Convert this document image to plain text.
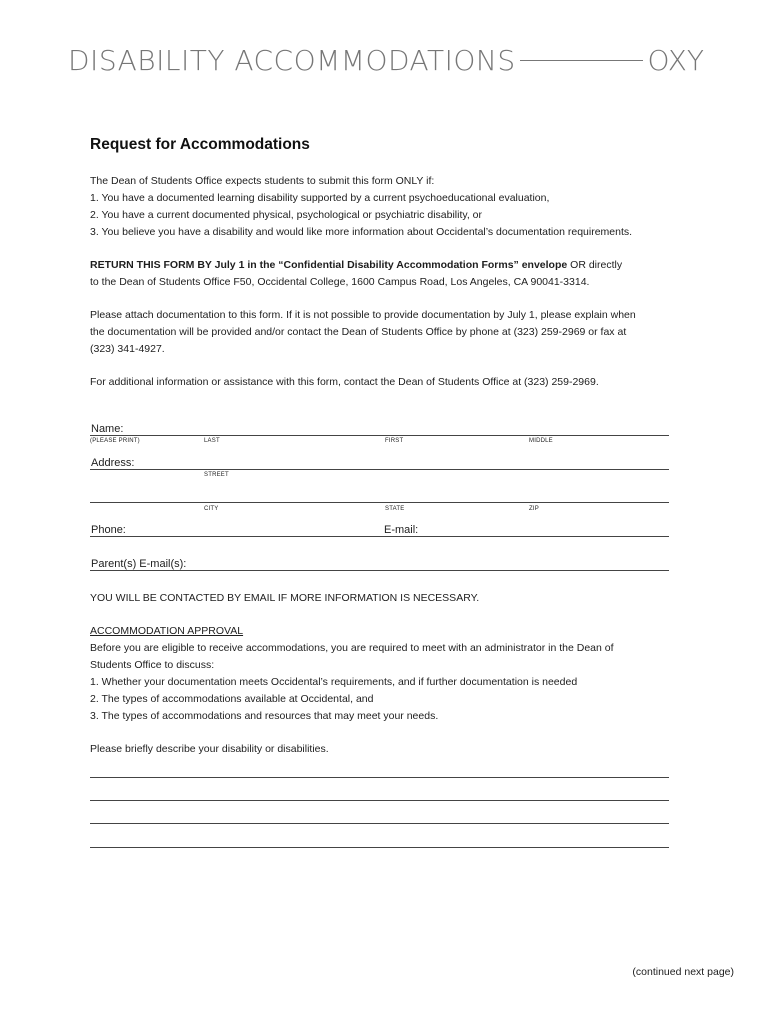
DISABILITY ACCOMMODATIONS	OXY
Request for Accommodations

The Dean of Students Office expects students to submit this form ONLY if:

1. You have a documented learning disability supported by a current psychoeducational evaluation,

2. You have a current documented physical, psychological or psychiatric disability, or

3. You believe you have a disability and would like more information about Occidental’s documentation requirements.

RETURN THIS FORM BY July 1 in the “Confidential Disability Accommodation Forms” envelope OR directly

to the Dean of Students Office F50, Occidental College, 1600 Campus Road, Los Angeles, CA 90041-3314.

Please attach documentation to this form. If it is not possible to provide documentation by July 1, please explain when

the documentation will be provided and/or contact the Dean of Students Office by phone at (323) 259-2969 or fax at

(323) 341-4927.

For additional information or assistance with this form, contact the Dean of Students Office at (323) 259-2969.

Name:
(PLEASE PRINT)	LAST	FIRST	MIDDLE
Address:
STREET
CITY	STATE	ZIP
Phone:	E-mail:
Parent(s) E-mail(s):

YOU WILL BE CONTACTED BY EMAIL IF MORE INFORMATION IS NECESSARY.

ACCOMMODATION APPROVAL

Before you are eligible to receive accommodations, you are required to meet with an administrator in the Dean of

Students Office to discuss:

1. Whether your documentation meets Occidental’s requirements, and if further documentation is needed

2. The types of accommodations available at Occidental, and

3. The types of accommodations and resources that may meet your needs.

Please briefly describe your disability or disabilities.

(continued next page)
